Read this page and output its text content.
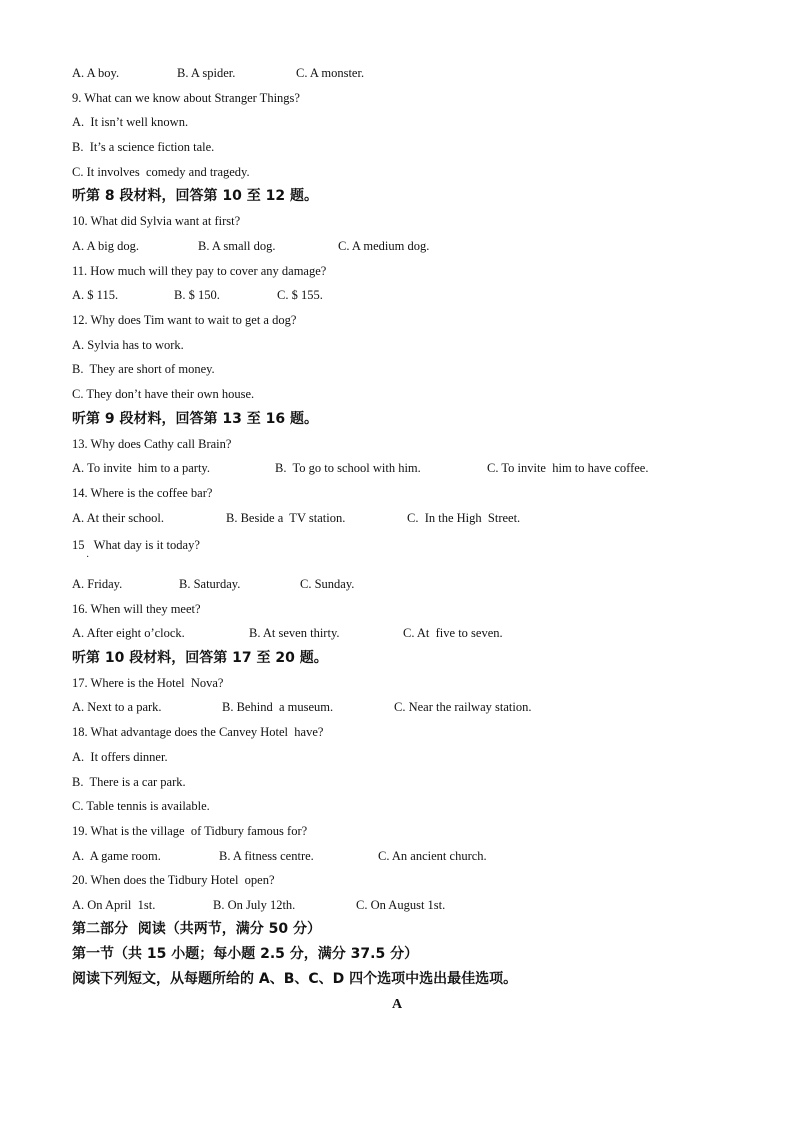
A. A boy.	B. A spider.	C. A monster.
9. What can we know about Stranger Things?
A.  It isn’t well known.
B.  It’s a science fiction tale.
C. It involves  comedy and tragedy.
听第 8 段材料，回答第 10 至 12 题。
10. What did Sylvia want at first?
A. A big dog.	B. A small dog.	C. A medium dog.
11. How much will they pay to cover any damage?
A. $ 115.	B. $ 150.	C. $ 155.
12. Why does Tim want to wait to get a dog?
A. Sylvia has to work.
B.  They are short of money.
C. They don’t have their own house.
听第 9 段材料，回答第 13 至 16 题。
13. Why does Cathy call Brain?
A. To invite  him to a party.	B.  To go to school with him.	C. To invite  him to have coffee.
14. Where is the coffee bar?
A. At their school.	B. Beside a  TV station.	C.  In the High  Street.
15   What day is it today?
·
A. Friday.	B. Saturday.	C. Sunday.
16. When will they meet?
A. After eight o’clock.	B. At seven thirty.	C. At  five to seven.
听第 10 段材料，回答第 17 至 20 题。
17. Where is the Hotel  Nova?
A. Next to a park.	B. Behind  a museum.	C. Near the railway station.
18. What advantage does the Canvey Hotel  have?
A.  It offers dinner.
B.  There is a car park.
C. Table tennis is available.
19. What is the village  of Tidbury famous for?
A.  A game room.	B. A fitness centre.	C. An ancient church.
20. When does the Tidbury Hotel  open?
A. On April  1st.	B. On July 12th.	C. On August 1st.
第二部分  阅读（共两节，满分 50 分）
第一节（共 15 小题；每小题 2.5 分，满分 37.5 分）
阅读下列短文，从每题所给的 A、B、C、D 四个选项中选出最佳选项。
A
